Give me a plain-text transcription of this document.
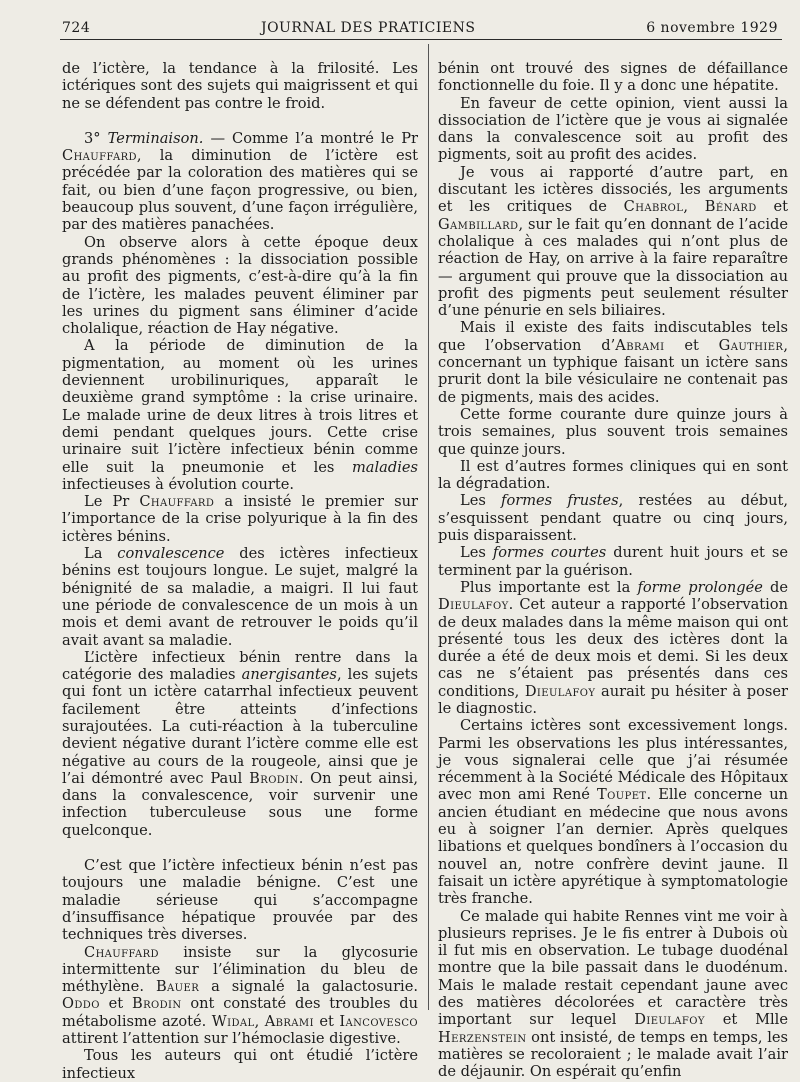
724	JOURNAL DES PRATICIENS	6 novembre 1929

de l’ictère, la tendance à la frilosité. Les ictériques sont des sujets qui maigrissent et qui ne se défendent pas contre le froid.

3° Terminaison. — Comme l’a montré le Pr Chauffard, la diminution de l’ictère est précédée par la coloration des matières qui se fait, ou bien d’une façon progressive, ou bien, beaucoup plus souvent, d’une façon irrégulière, par des matières panachées.

On observe alors à cette époque deux grands phénomènes : la dissociation possible au profit des pigments, c’est-à-dire qu’à la fin de l’ictère, les malades peuvent éliminer par les urines du pigment sans éliminer d’acide cholalique, réaction de Hay négative.

A la période de diminution de la pigmentation, au moment où les urines deviennent urobilinuriques, apparaît le deuxième grand symptôme : la crise urinaire. Le malade urine de deux litres à trois litres et demi pendant quelques jours. Cette crise urinaire suit l’ictère infectieux bénin comme elle suit la pneumonie et les maladies infectieuses à évolution courte.

Le Pr Chauffard a insisté le premier sur l’importance de la crise polyurique à la fin des ictères bénins.

La convalescence des ictères infectieux bénins est toujours longue. Le sujet, malgré la bénignité de sa maladie, a maigri. Il lui faut une période de convalescence de un mois à un mois et demi avant de retrouver le poids qu’il avait avant sa maladie.

L’ictère infectieux bénin rentre dans la catégorie des maladies anergisantes, les sujets qui font un ictère catarrhal infectieux peuvent facilement être atteints d’infections surajoutées. La cuti-réaction à la tuberculine devient négative durant l’ictère comme elle est négative au cours de la rougeole, ainsi que je l’ai démontré avec Paul Brodin. On peut ainsi, dans la convalescence, voir survenir une infection tuberculeuse sous une forme quelconque.

C’est que l’ictère infectieux bénin n’est pas toujours une maladie bénigne. C’est une maladie sérieuse qui s’accompagne d’insuffisance hépatique prouvée par des techniques très diverses.

Chauffard insiste sur la glycosurie intermittente sur l’élimination du bleu de méthylène. Bauer a signalé la galactosurie. Oddo et Brodin ont constaté des troubles du métabolisme azoté. Widal, Abrami et Iancovesco attirent l’attention sur l’hémoclasie digestive.

Tous les auteurs qui ont étudié l’ictère infectieux

bénin ont trouvé des signes de défaillance fonctionnelle du foie. Il y a donc une hépatite.

En faveur de cette opinion, vient aussi la dissociation de l’ictère que je vous ai signalée dans la convalescence soit au profit des pigments, soit au profit des acides.

Je vous ai rapporté d’autre part, en discutant les ictères dissociés, les arguments et les critiques de Chabrol, Bénard et Gambillard, sur le fait qu’en donnant de l’acide cholalique à ces malades qui n’ont plus de réaction de Hay, on arrive à la faire reparaître — argument qui prouve que la dissociation au profit des pigments peut seulement résulter d’une pénurie en sels biliaires.

Mais il existe des faits indiscutables tels que l’observation d’Abrami et Gauthier, concernant un typhique faisant un ictère sans prurit dont la bile vésiculaire ne contenait pas de pigments, mais des acides.

Cette forme courante dure quinze jours à trois semaines, plus souvent trois semaines que quinze jours.

Il est d’autres formes cliniques qui en sont la dégradation.

Les formes frustes, restées au début, s’esquissent pendant quatre ou cinq jours, puis disparaissent.

Les formes courtes durent huit jours et se terminent par la guérison.

Plus importante est la forme prolongée de Dieulafoy. Cet auteur a rapporté l’observation de deux malades dans la même maison qui ont présenté tous les deux des ictères dont la durée a été de deux mois et demi. Si les deux cas ne s’étaient pas présentés dans ces conditions, Dieulafoy aurait pu hésiter à poser le diagnostic.

Certains ictères sont excessivement longs. Parmi les observations les plus intéressantes, je vous signalerai celle que j’ai résumée récemment à la Société Médicale des Hôpitaux avec mon ami René Toupet. Elle concerne un ancien étudiant en médecine que nous avons eu à soigner l’an dernier. Après quelques libations et quelques bondîners à l’occasion du nouvel an, notre confrère devint jaune. Il faisait un ictère apyrétique à symptomatologie très franche.

Ce malade qui habite Rennes vint me voir à plusieurs reprises. Je le fis entrer à Dubois où il fut mis en observation. Le tubage duodénal montre que la bile passait dans le duodénum. Mais le malade restait cependant jaune avec des matières décolorées et caractère très important sur lequel Dieulafoy et Mlle Herzenstein ont insisté, de temps en temps, les matières se recoloraient ; le malade avait l’air de déjaunir. On espérait qu’enfin
